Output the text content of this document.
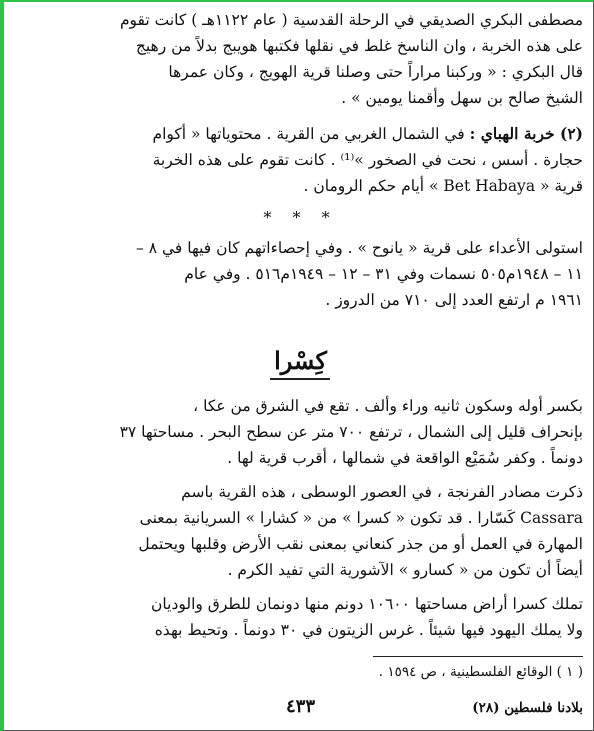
مصطفى البكري الصديقي في الرحلة القدسية ( عام ١١٢٢هـ ) كانت تقوم
على هذه الخربة ، وان الناسخ غلط في نقلها فكتبها هويبج بدلاً من رهيج
قال البكري : « وركبنا مراراً حتى وصلنا قرية الهويج ، وكان عمرها
الشيخ صالح بن سهل وأقمنا يومين » .
(٢) خربة الهباي : في الشمال الغربي من القرية . محتوياتها « أكوام
حجارة . أسس ، نحت في الصخور »⁽¹⁾ . كانت تقوم على هذه الخربة
قرية « Bet Habaya » أيام حكم الرومان .
* * *
استولى الأعداء على قرية « يانوح » . وفي إحصاءاتهم كان فيها في ٨ –
١١ – ١٩٤٨م٥٠٥ نسمات وفي ٣١ – ١٢ – ١٩٤٩م٥١٦ . وفي عام
١٩٦١ م ارتفع العدد إلى ٧١٠ من الدروز .
كِسْرا
بكسر أوله وسكون ثانيه وراء وألف . تقع في الشرق من عكا ،
بإنحراف قليل إلى الشمال ، ترتفع ٧٠٠ متر عن سطح البحر . مساحتها ٣٧
دونماً . وكفر سُمَيْع الواقعة في شمالها ، أقرب قرية لها .
ذكرت مصادر الفرنجة ، في العصور الوسطى ، هذه القرية باسم
Cassara كَسّارا . قد تكون « كسرا » من « كشارا » السريانية بمعنى
المهارة في العمل أو من جذر كنعاني بمعنى نقب الأرض وقلبها ويحتمل
أيضاً أن تكون من « كسارو » الآشورية التي تفيد الكرم .
تملك كسرا أراض مساحتها ١٠٦٠٠ دونم منها دونمان للطرق والوديان
ولا يملك اليهود فيها شيئاً . غرس الزيتون في ٣٠ دونماً . وتحيط بهذه
( ١ ) الوقائع الفلسطينية ، ص ١٥٩٤ .
٤٣٣	بلادنا فلسطين (٢٨)
